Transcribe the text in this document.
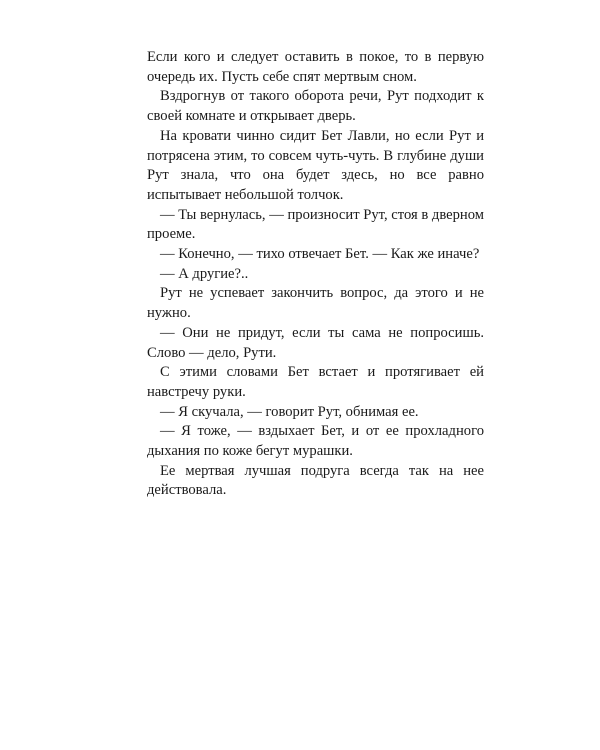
Если кого и следует оставить в покое, то в первую очередь их. Пусть себе спят мертвым сном.

Вздрогнув от такого оборота речи, Рут подходит к своей комнате и открывает дверь.

На кровати чинно сидит Бет Лавли, но если Рут и потрясена этим, то совсем чуть-чуть. В глубине души Рут знала, что она будет здесь, но все равно испытывает небольшой толчок.

— Ты вернулась, — произносит Рут, стоя в дверном проеме.

— Конечно, — тихо отвечает Бет. — Как же иначе?

— А другие?..

Рут не успевает закончить вопрос, да этого и не нужно.

— Они не придут, если ты сама не попросишь. Слово — дело, Рути.

С этими словами Бет встает и протягивает ей навстречу руки.

— Я скучала, — говорит Рут, обнимая ее.

— Я тоже, — вздыхает Бет, и от ее прохладного дыхания по коже бегут мурашки.

Ее мертвая лучшая подруга всегда так на нее действовала.
